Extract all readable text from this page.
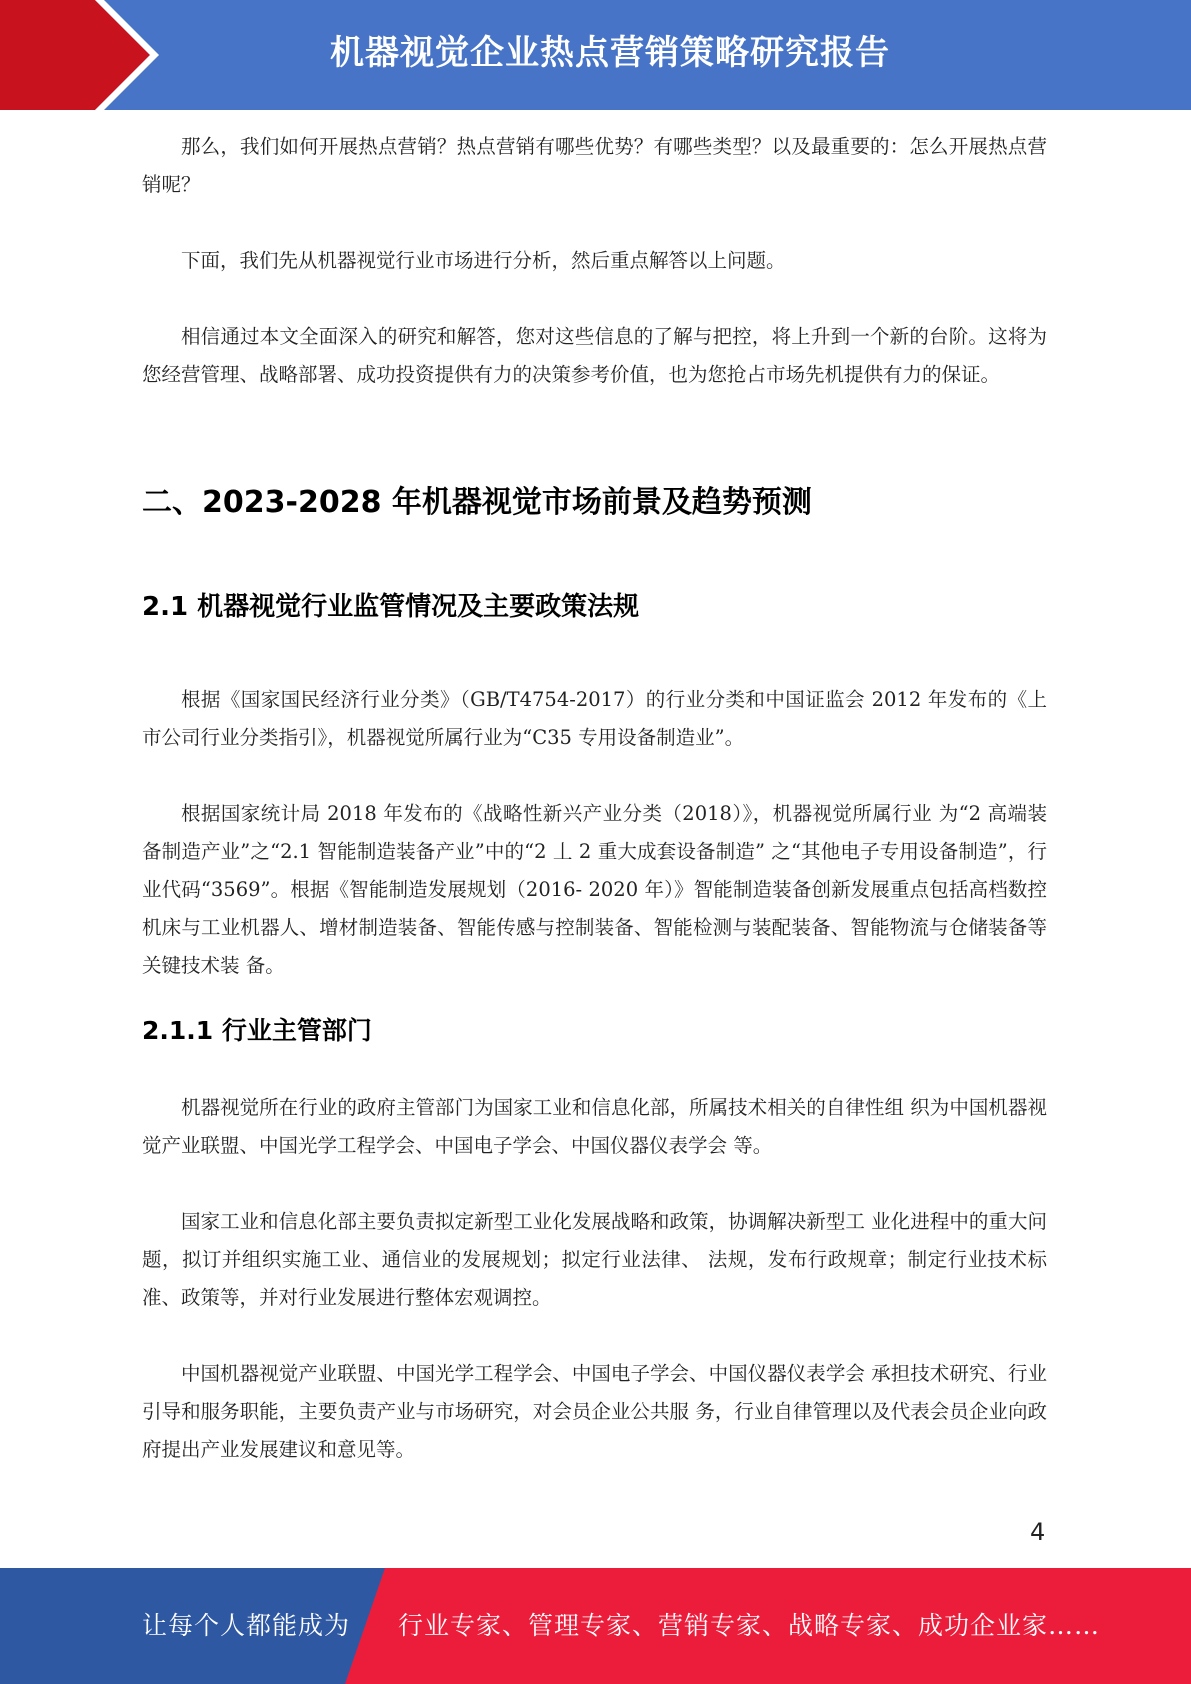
机器视觉企业热点营销策略研究报告

那么，我们如何开展热点营销？热点营销有哪些优势？有哪些类型？以及最重要的：怎么开展热点营销呢？

下面，我们先从机器视觉行业市场进行分析，然后重点解答以上问题。

相信通过本文全面深入的研究和解答，您对这些信息的了解与把控，将上升到一个新的台阶。这将为您经营管理、战略部署、成功投资提供有力的决策参考价值，也为您抢占市场先机提供有力的保证。

二、2023-2028 年机器视觉市场前景及趋势预测
2.1 机器视觉行业监管情况及主要政策法规

根据《国家国民经济行业分类》（GB/T4754-2017）的行业分类和中国证监会 2012 年发布的《上市公司行业分类指引》，机器视觉所属行业为“C35 专用设备制造业”。

根据国家统计局 2018 年发布的《战略性新兴产业分类（2018）》，机器视觉所属行业 为“2 高端装备制造产业”之“2.1 智能制造装备产业”中的“2 丄 2 重大成套设备制造” 之“其他电子专用设备制造”，行业代码“3569”。根据《智能制造发展规划（2016- 2020 年）》智能制造装备创新发展重点包括高档数控机床与工业机器人、增材制造装备、智能传感与控制装备、智能检测与装配装备、智能物流与仓储装备等关键技术装 备。

2.1.1 行业主管部门

机器视觉所在行业的政府主管部门为国家工业和信息化部，所属技术相关的自律性组 织为中国机器视觉产业联盟、中国光学工程学会、中国电子学会、中国仪器仪表学会 等。

国家工业和信息化部主要负责拟定新型工业化发展战略和政策，协调解决新型工 业化进程中的重大问题，拟订并组织实施工业、通信业的发展规划；拟定行业法律、 法规，发布行政规章；制定行业技术标准、政策等，并对行业发展进行整体宏观调控。

中国机器视觉产业联盟、中国光学工程学会、中国电子学会、中国仪器仪表学会 承担技术研究、行业引导和服务职能，主要负责产业与市场研究，对会员企业公共服 务，行业自律管理以及代表会员企业向政府提出产业发展建议和意见等。

4
让每个人都能成为 行业专家、管理专家、营销专家、战略专家、成功企业家……
